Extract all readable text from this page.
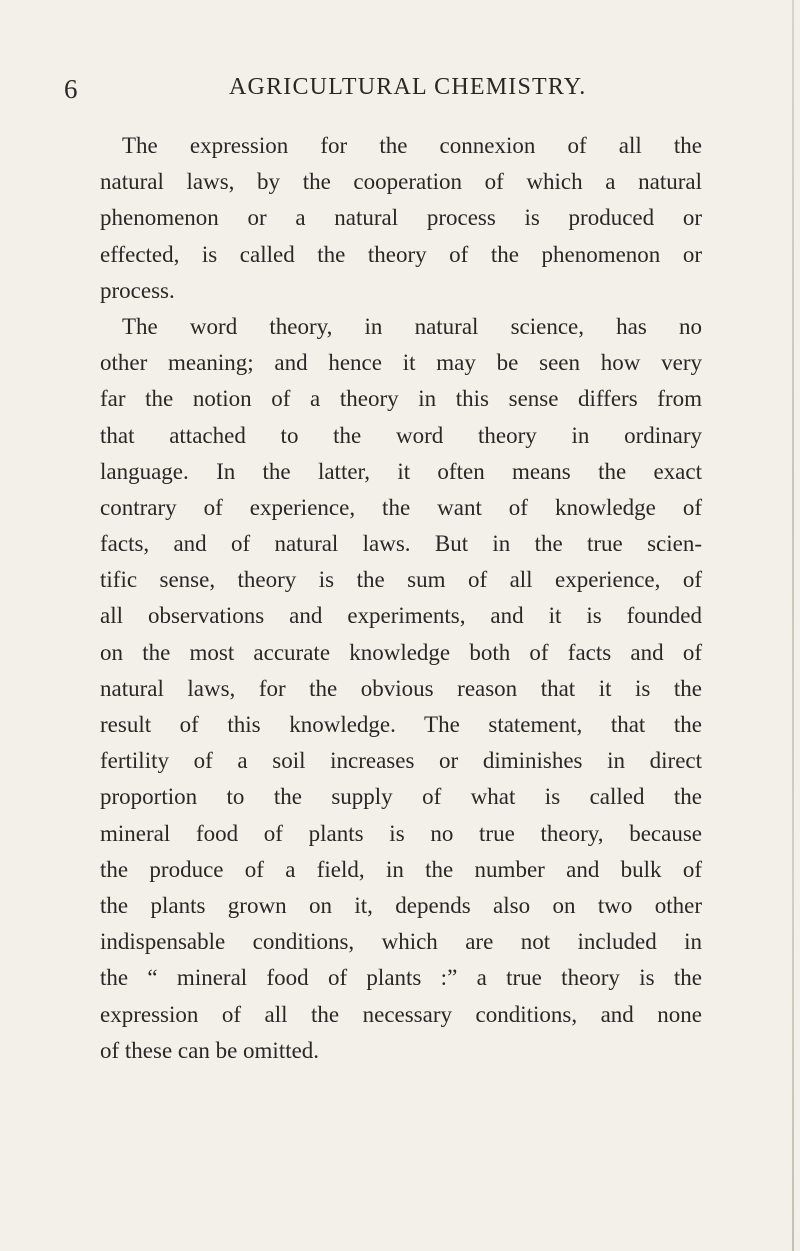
6	AGRICULTURAL CHEMISTRY.
The expression for the connexion of all the
natural laws, by the cooperation of which a natural
phenomenon or a natural process is produced or
effected, is called the theory of the phenomenon or
process.
The word theory, in natural science, has no
other meaning; and hence it may be seen how very
far the notion of a theory in this sense differs from
that attached to the word theory in ordinary
language. In the latter, it often means the exact
contrary of experience, the want of knowledge of
facts, and of natural laws. But in the true scien-
tific sense, theory is the sum of all experience, of
all observations and experiments, and it is founded
on the most accurate knowledge both of facts and of
natural laws, for the obvious reason that it is the
result of this knowledge. The statement, that the
fertility of a soil increases or diminishes in direct
proportion to the supply of what is called the
mineral food of plants is no true theory, because
the produce of a field, in the number and bulk of
the plants grown on it, depends also on two other
indispensable conditions, which are not included in
the “ mineral food of plants :” a true theory is the
expression of all the necessary conditions, and none
of these can be omitted.
